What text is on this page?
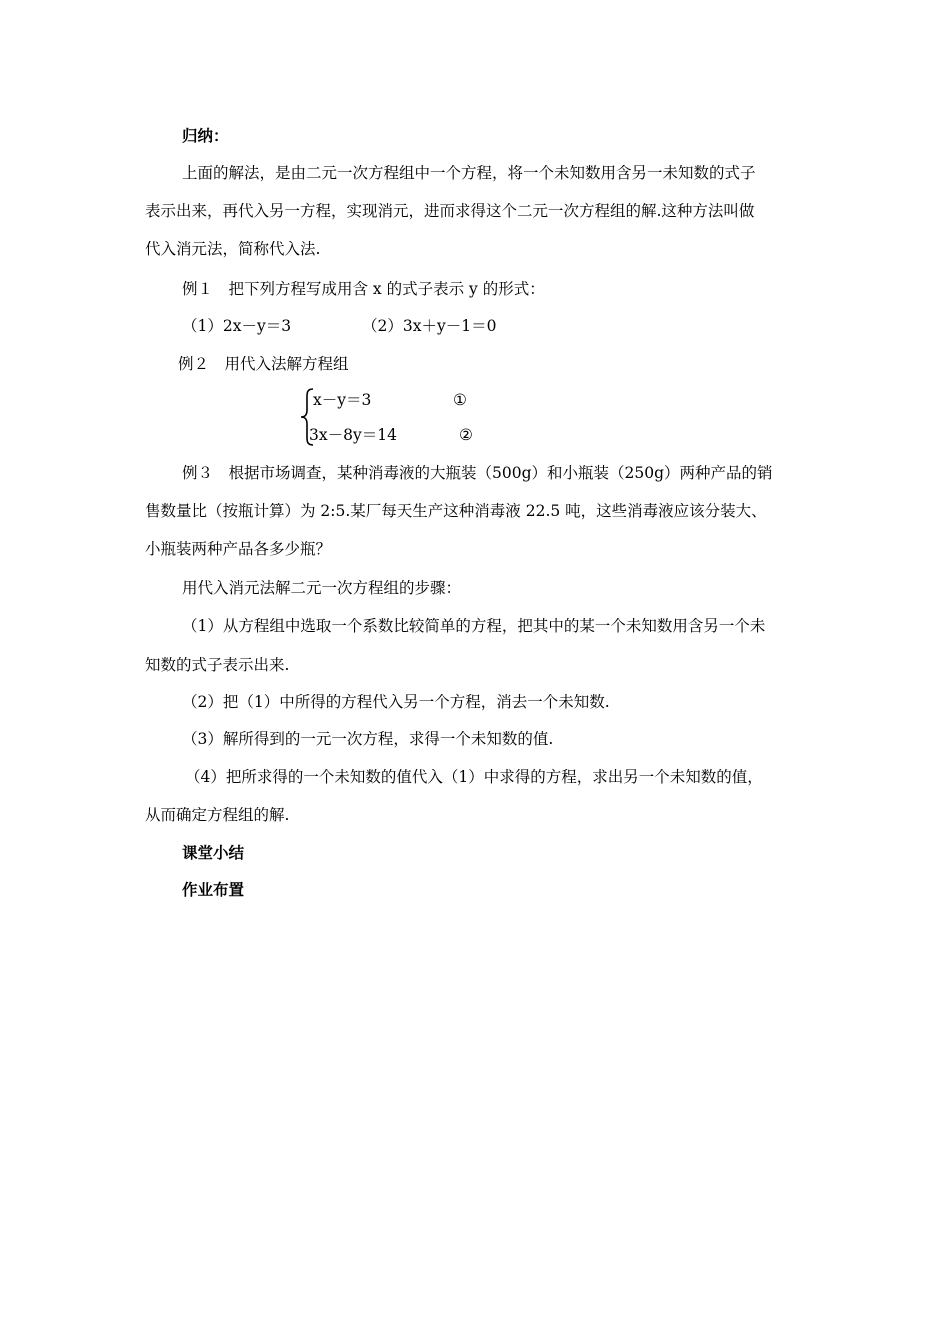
归纳：
上面的解法，是由二元一次方程组中一个方程，将一个未知数用含另一未知数的式子
表示出来，再代入另一方程，实现消元，进而求得这个二元一次方程组的解.这种方法叫做
代入消元法，简称代入法.
例１　把下列方程写成用含 x 的式子表示 y 的形式：
（1）2x－y＝3	（2）3x＋y－1＝0
例２　用代入法解方程组
x－y＝3	①
3x－8y＝14	②
例３　根据市场调查，某种消毒液的大瓶装（500g）和小瓶装（250g）两种产品的销
售数量比（按瓶计算）为 2:5.某厂每天生产这种消毒液 22.5 吨，这些消毒液应该分装大、
小瓶装两种产品各多少瓶？
用代入消元法解二元一次方程组的步骤：
（1）从方程组中选取一个系数比较简单的方程，把其中的某一个未知数用含另一个未
知数的式子表示出来.
（2）把（1）中所得的方程代入另一个方程，消去一个未知数.
（3）解所得到的一元一次方程，求得一个未知数的值.
（4）把所求得的一个未知数的值代入（1）中求得的方程，求出另一个未知数的值，
从而确定方程组的解.
课堂小结
作业布置
